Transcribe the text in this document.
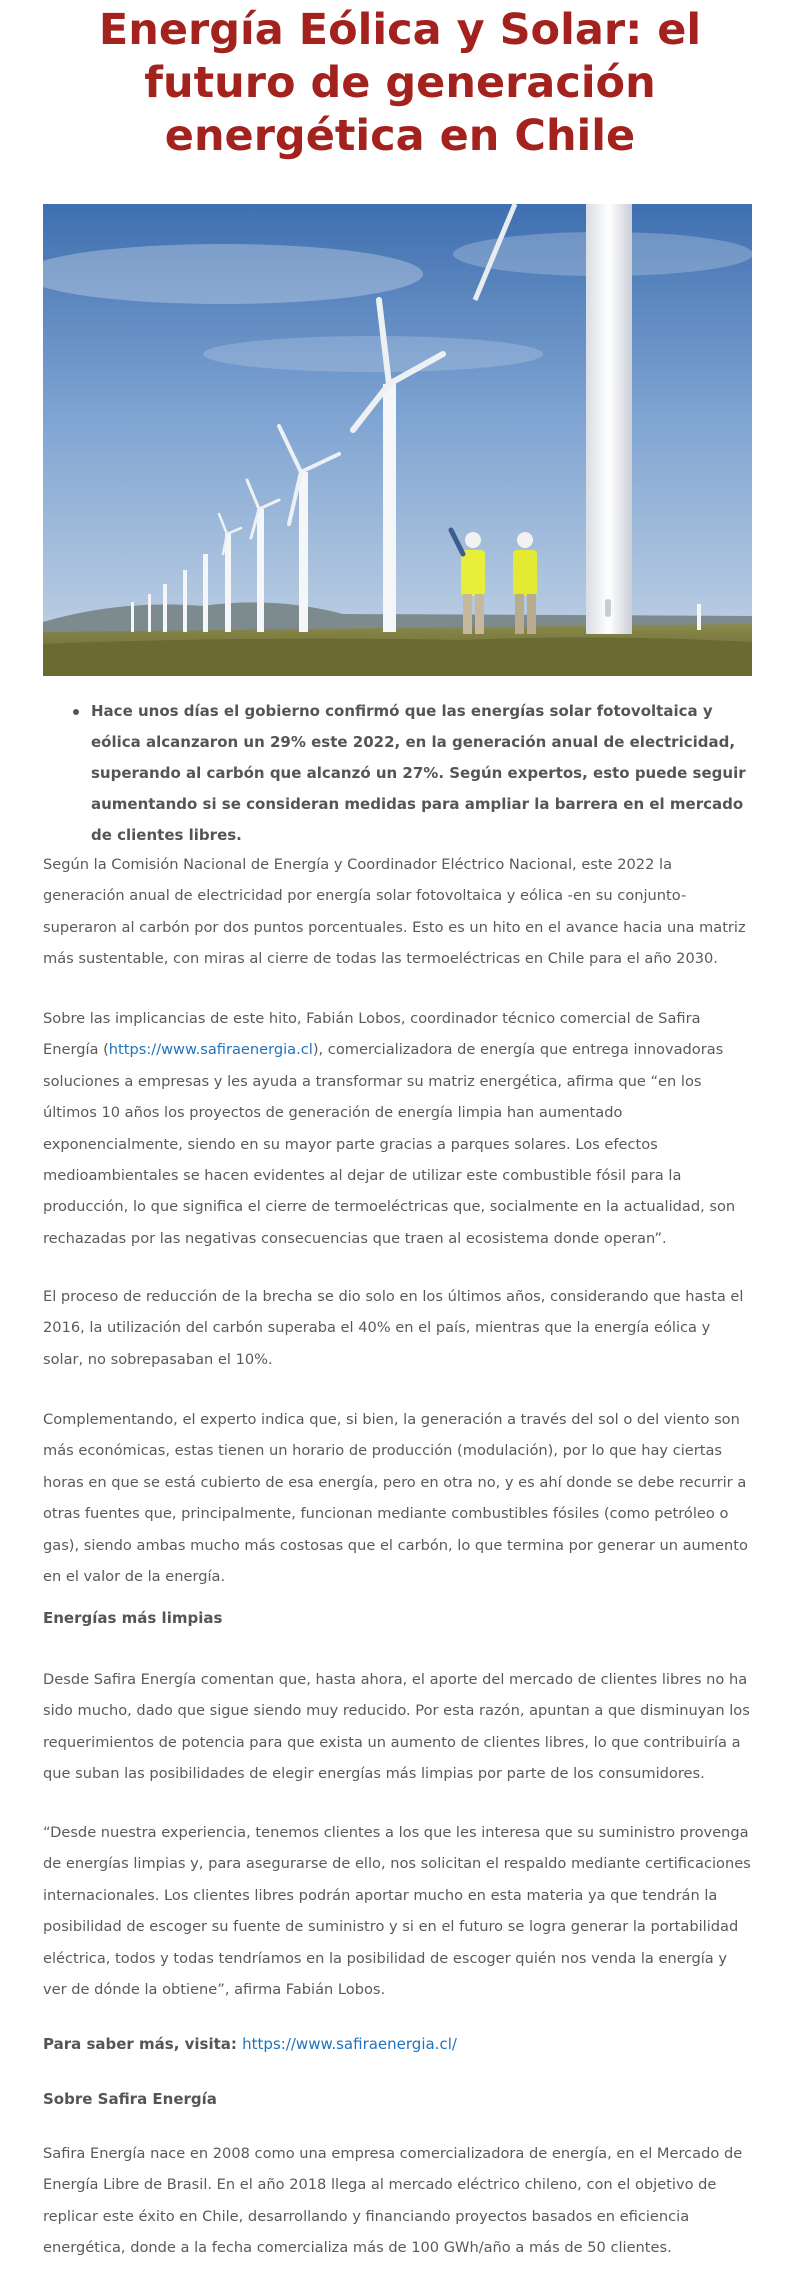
Energía Eólica y Solar: el futuro de generación energética en Chile
Hace unos días el gobierno confirmó que las energías solar fotovoltaica y eólica alcanzaron un 29% este 2022, en la generación anual de electricidad, superando al carbón que alcanzó un 27%. Según expertos, esto puede seguir aumentando si se consideran medidas para ampliar la barrera en el mercado de clientes libres.

Según la Comisión Nacional de Energía y Coordinador Eléctrico Nacional, este 2022 la generación anual de electricidad por energía solar fotovoltaica y eólica -en su conjunto- superaron al carbón por dos puntos porcentuales. Esto es un hito en el avance hacia una matriz más sustentable, con miras al cierre de todas las termoeléctricas en Chile para el año 2030.

Sobre las implicancias de este hito, Fabián Lobos, coordinador técnico comercial de Safira Energía (https://www.safiraenergia.cl), comercializadora de energía que entrega innovadoras soluciones a empresas y les ayuda a transformar su matriz energética, afirma que “en los últimos 10 años los proyectos de generación de energía limpia han aumentado exponencialmente, siendo en su mayor parte gracias a parques solares. Los efectos medioambientales se hacen evidentes al dejar de utilizar este combustible fósil para la producción, lo que significa el cierre de termoeléctricas que, socialmente en la actualidad, son rechazadas por las negativas consecuencias que traen al ecosistema donde operan”.

El proceso de reducción de la brecha se dio solo en los últimos años, considerando que hasta el 2016, la utilización del carbón superaba el 40% en el país, mientras que la energía eólica y solar, no sobrepasaban el 10%.

Complementando, el experto indica que, si bien, la generación a través del sol o del viento son más económicas, estas tienen un horario de producción (modulación), por lo que hay ciertas horas en que se está cubierto de esa energía, pero en otra no, y es ahí donde se debe recurrir a otras fuentes que, principalmente, funcionan mediante combustibles fósiles (como petróleo o gas), siendo ambas mucho más costosas que el carbón, lo que termina por generar un aumento en el valor de la energía.

Energías más limpias

Desde Safira Energía comentan que, hasta ahora, el aporte del mercado de clientes libres no ha sido mucho, dado que sigue siendo muy reducido. Por esta razón, apuntan a que disminuyan los requerimientos de potencia para que exista un aumento de clientes libres, lo que contribuiría a que suban las posibilidades de elegir energías más limpias por parte de los consumidores.

“Desde nuestra experiencia, tenemos clientes a los que les interesa que su suministro provenga de energías limpias y, para asegurarse de ello, nos solicitan el respaldo mediante certificaciones internacionales. Los clientes libres podrán aportar mucho en esta materia ya que tendrán la posibilidad de escoger su fuente de suministro y si en el futuro se logra generar la portabilidad eléctrica, todos y todas tendríamos en la posibilidad de escoger quién nos venda la energía y ver de dónde la obtiene”, afirma Fabián Lobos.

Para saber más, visita: https://www.safiraenergia.cl/

Sobre Safira Energía

Safira Energía nace en 2008 como una empresa comercializadora de energía, en el Mercado de Energía Libre de Brasil. En el año 2018 llega al mercado eléctrico chileno, con el objetivo de replicar este éxito en Chile, desarrollando y financiando proyectos basados en eficiencia energética, donde a la fecha comercializa más de 100 GWh/año a más de 50 clientes.
